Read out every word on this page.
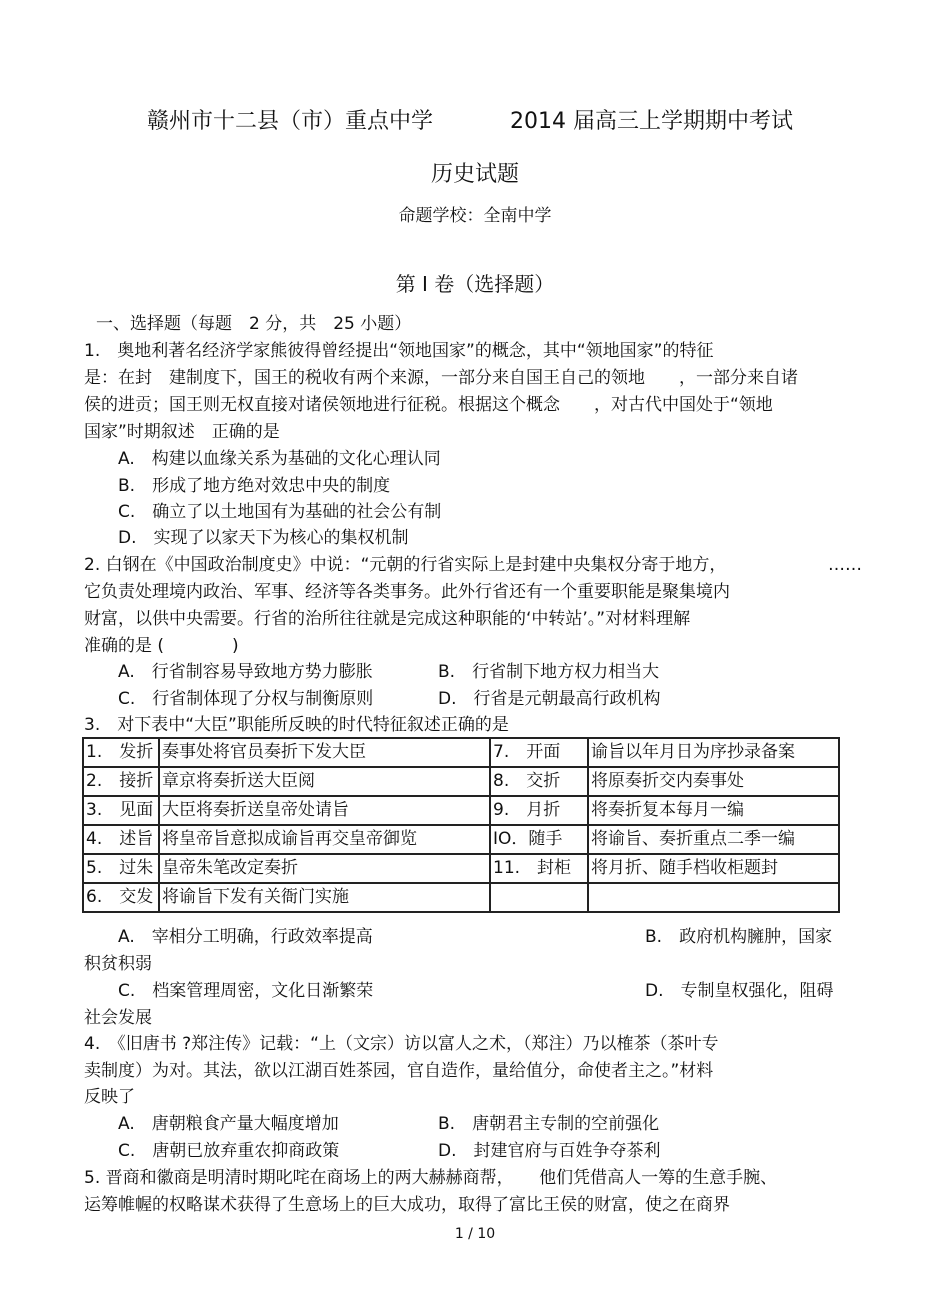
赣州市十二县（市）重点中学	2014 届高三上学期期中考试
历史试题
命题学校：全南中学
第 I 卷（选择题）
一、选择题（每题　2 分，共　25 小题）
1.　奥地利著名经济学家熊彼得曾经提出“领地国家”的概念，其中“领地国家”的特征
是：在封　建制度下，国王的税收有两个来源，一部分来自国王自己的领地　　，一部分来自诸
侯的进贡；国王则无权直接对诸侯领地进行征税。根据这个概念　　，对古代中国处于“领地
国家”时期叙述　正确的是
A.　构建以血缘关系为基础的文化心理认同
B.　形成了地方绝对效忠中央的制度
C.　确立了以土地国有为基础的社会公有制
D.　实现了以家天下为核心的集权机制
2. 白钢在《中国政治制度史》中说：“元朝的行省实际上是封建中央集权分寄于地方，	……
它负责处理境内政治、军事、经济等各类事务。此外行省还有一个重要职能是聚集境内
财富，以供中央需要。行省的治所往往就是完成这种职能的‘中转站’。”对材料理解
准确的是 (　　　　)
A.　行省制容易导致地方势力膨胀	B.　行省制下地方权力相当大
C.　行省制体现了分权与制衡原则	D.　行省是元朝最高行政机构
3.　对下表中“大臣”职能所反映的时代特征叙述正确的是
1.　发折	奏事处将官员奏折下发大臣	7.　开面	谕旨以年月日为序抄录备案
2.　接折	章京将奏折送大臣阅	8.　交折	将原奏折交内奏事处
3.　见面	大臣将奏折送皇帝处请旨	9.　月折	将奏折复本每月一编
4.　述旨	将皇帝旨意拟成谕旨再交皇帝御览	IO．随手	将谕旨、奏折重点二季一编
5.　过朱	皇帝朱笔改定奏折	11.　封柜	将月折、随手档收柜题封
6.　交发	将谕旨下发有关衙门实施		
A.　宰相分工明确，行政效率提高	B.　政府机构臃肿，国家
积贫积弱
C.　档案管理周密，文化日渐繁荣	D.　专制皇权强化，阻碍
社会发展
4.　《旧唐书 ?郑注传》记载：“上（文宗）访以富人之术，（郑注）乃以榷茶（茶叶专
卖制度）为对。其法，欲以江湖百姓茶园，官自造作，量给值分，命使者主之。”材料
反映了
A.　唐朝粮食产量大幅度增加	B.　唐朝君主专制的空前强化
C.　唐朝已放弃重农抑商政策	D.　封建官府与百姓争夺茶利
5. 晋商和徽商是明清时期叱咤在商场上的两大赫赫商帮，　　他们凭借高人一筹的生意手腕、
运筹帷幄的权略谋术获得了生意场上的巨大成功，取得了富比王侯的财富，使之在商界
1 / 10
